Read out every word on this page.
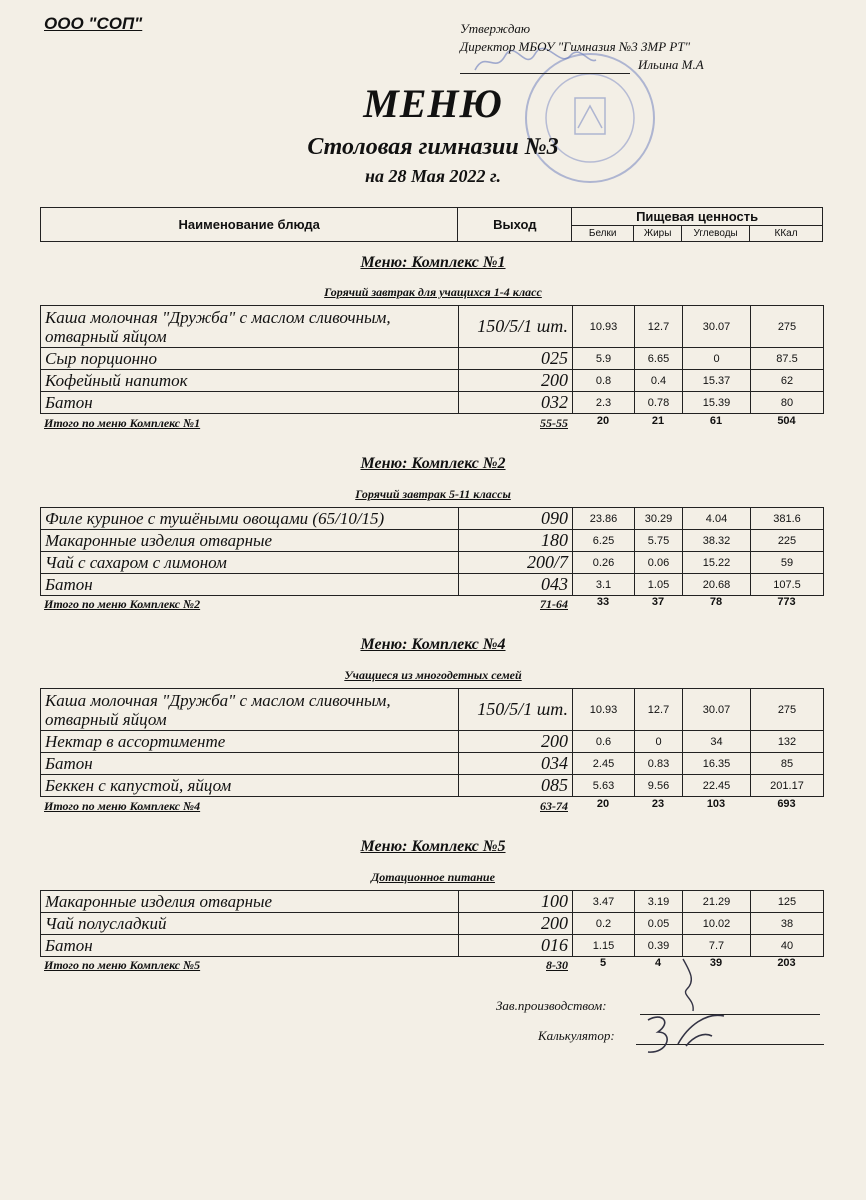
ООО "СОП"	Утверждаю
Директор МБОУ "Гимназия №3 ЗМР РТ"
Ильина М.А
МЕНЮ
Столовая гимназии №3
на 28 Мая 2022 г.
Наименование блюда	Выход	Пищевая ценность			
		Белки	Жиры	Углеводы	ККал
Меню: Комплекс №1
Горячий завтрак для учащихся 1-4 класс
Каша молочная "Дружба" с маслом сливочным, отварный яйцом	150/5/1 шт.	10.93	12.7	30.07	275
Сыр порционно	025	5.9	6.65	0	87.5
Кофейный напиток	200	0.8	0.4	15.37	62
Батон	032	2.3	0.78	15.39	80
Итого по меню Комплекс №1	55-55	20	21	61	504
Меню: Комплекс №2
Горячий завтрак 5-11 классы
Филе куриное с тушёными овощами (65/10/15)	090	23.86	30.29	4.04	381.6
Макаронные изделия отварные	180	6.25	5.75	38.32	225
Чай с сахаром с лимоном	200/7	0.26	0.06	15.22	59
Батон	043	3.1	1.05	20.68	107.5
Итого по меню Комплекс №2	71-64	33	37	78	773
Меню: Комплекс №4
Учащиеся из многодетных семей
Каша молочная "Дружба" с маслом сливочным, отварный яйцом	150/5/1 шт.	10.93	12.7	30.07	275
Нектар в ассортименте	200	0.6	0	34	132
Батон	034	2.45	0.83	16.35	85
Беккен с капустой, яйцом	085	5.63	9.56	22.45	201.17
Итого по меню Комплекс №4	63-74	20	23	103	693
Меню: Комплекс №5
Дотационное питание
Макаронные изделия отварные	100	3.47	3.19	21.29	125
Чай полусладкий	200	0.2	0.05	10.02	38
Батон	016	1.15	0.39	7.7	40
Итого по меню Комплекс №5	8-30	5	4	39	203
Зав.производством:
Калькулятор:
